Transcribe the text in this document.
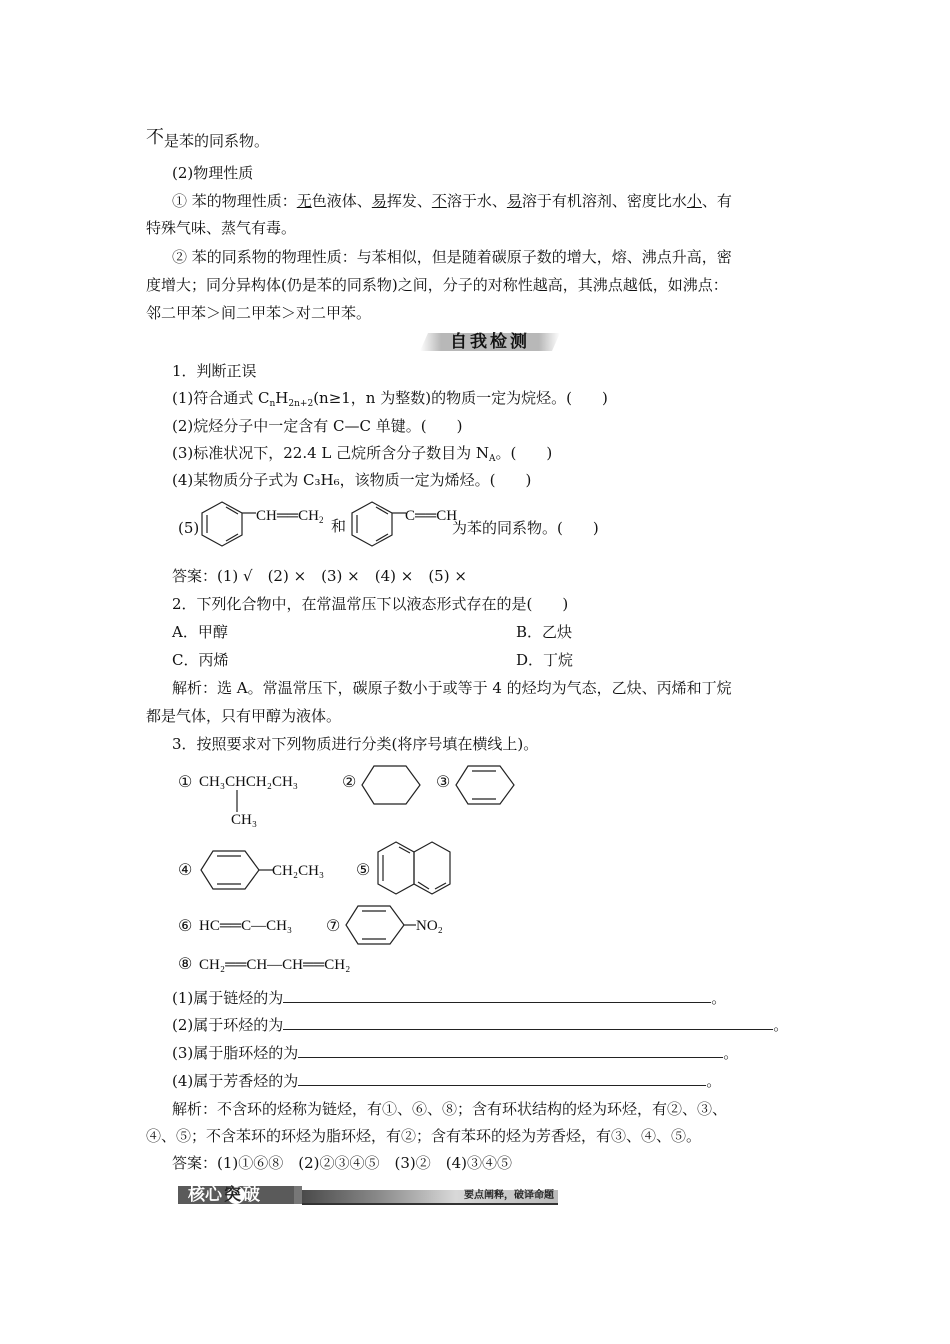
不是苯的同系物。
(2)物理性质
① 苯的物理性质：无色液体、易挥发、不溶于水、易溶于有机溶剂、密度比水小、有
特殊气味、蒸气有毒。
② 苯的同系物的物理性质：与苯相似，但是随着碳原子数的增大，熔、沸点升高，密
度增大；同分异构体(仍是苯的同系物)之间，分子的对称性越高，其沸点越低，如沸点：
邻二甲苯＞间二甲苯＞对二甲苯。
自我检测
1．判断正误
(1)符合通式 $C_nH_{2n+2}(n\ge 1$，n 为整数)的物质一定为烷烃。(　　)
(2)烷烃分子中一定含有 C—C 单键。(　　)
(3)标准状况下，22.4 L 己烷所含分子数目为 $N_A$。(　　)
(4)某物质分子式为 C₃H₆，该物质一定为烯烃。(　　)
(5)
$CH══CH_2$ 和
C══CH
为苯的同系物。(　　)
答案：(1) √　(2) ×　(3) ×　(4) ×　(5) ×
2．下列化合物中，在常温常压下以液态形式存在的是(　　)
A．甲醇	B．乙炔
C．丙烯	D．丁烷
解析：选 A。常温常压下，碳原子数小于或等于 4 的烃均为气态，乙炔、丙烯和丁烷
都是气体，只有甲醇为液体。
3．按照要求对下列物质进行分类(将序号填在横线上)。
① CH₃CHCH₂CH₃
CH₃
②	③
④	CH₂CH₃ ⑤
⑥ HC══C—CH₃ ⑦	NO₂
⑧ CH₂══CH—CH══CH₂
(1)属于链烃的为	。
(2)属于环烃的为	。
(3)属于脂环烃的为	。
(4)属于芳香烃的为	。
解析：不含环的烃称为链烃，有①、⑥、⑧；含有环状结构的烃为环烃，有②、③、
④、⑤；不含苯环的环烃为脂环烃，有②；含有苯环的烃为芳香烃，有③、④、⑤。
答案：(1)①⑥⑧　(2)②③④⑤　(3)②　(4)③④⑤
核心 突 破	要点阐释，破译命题
